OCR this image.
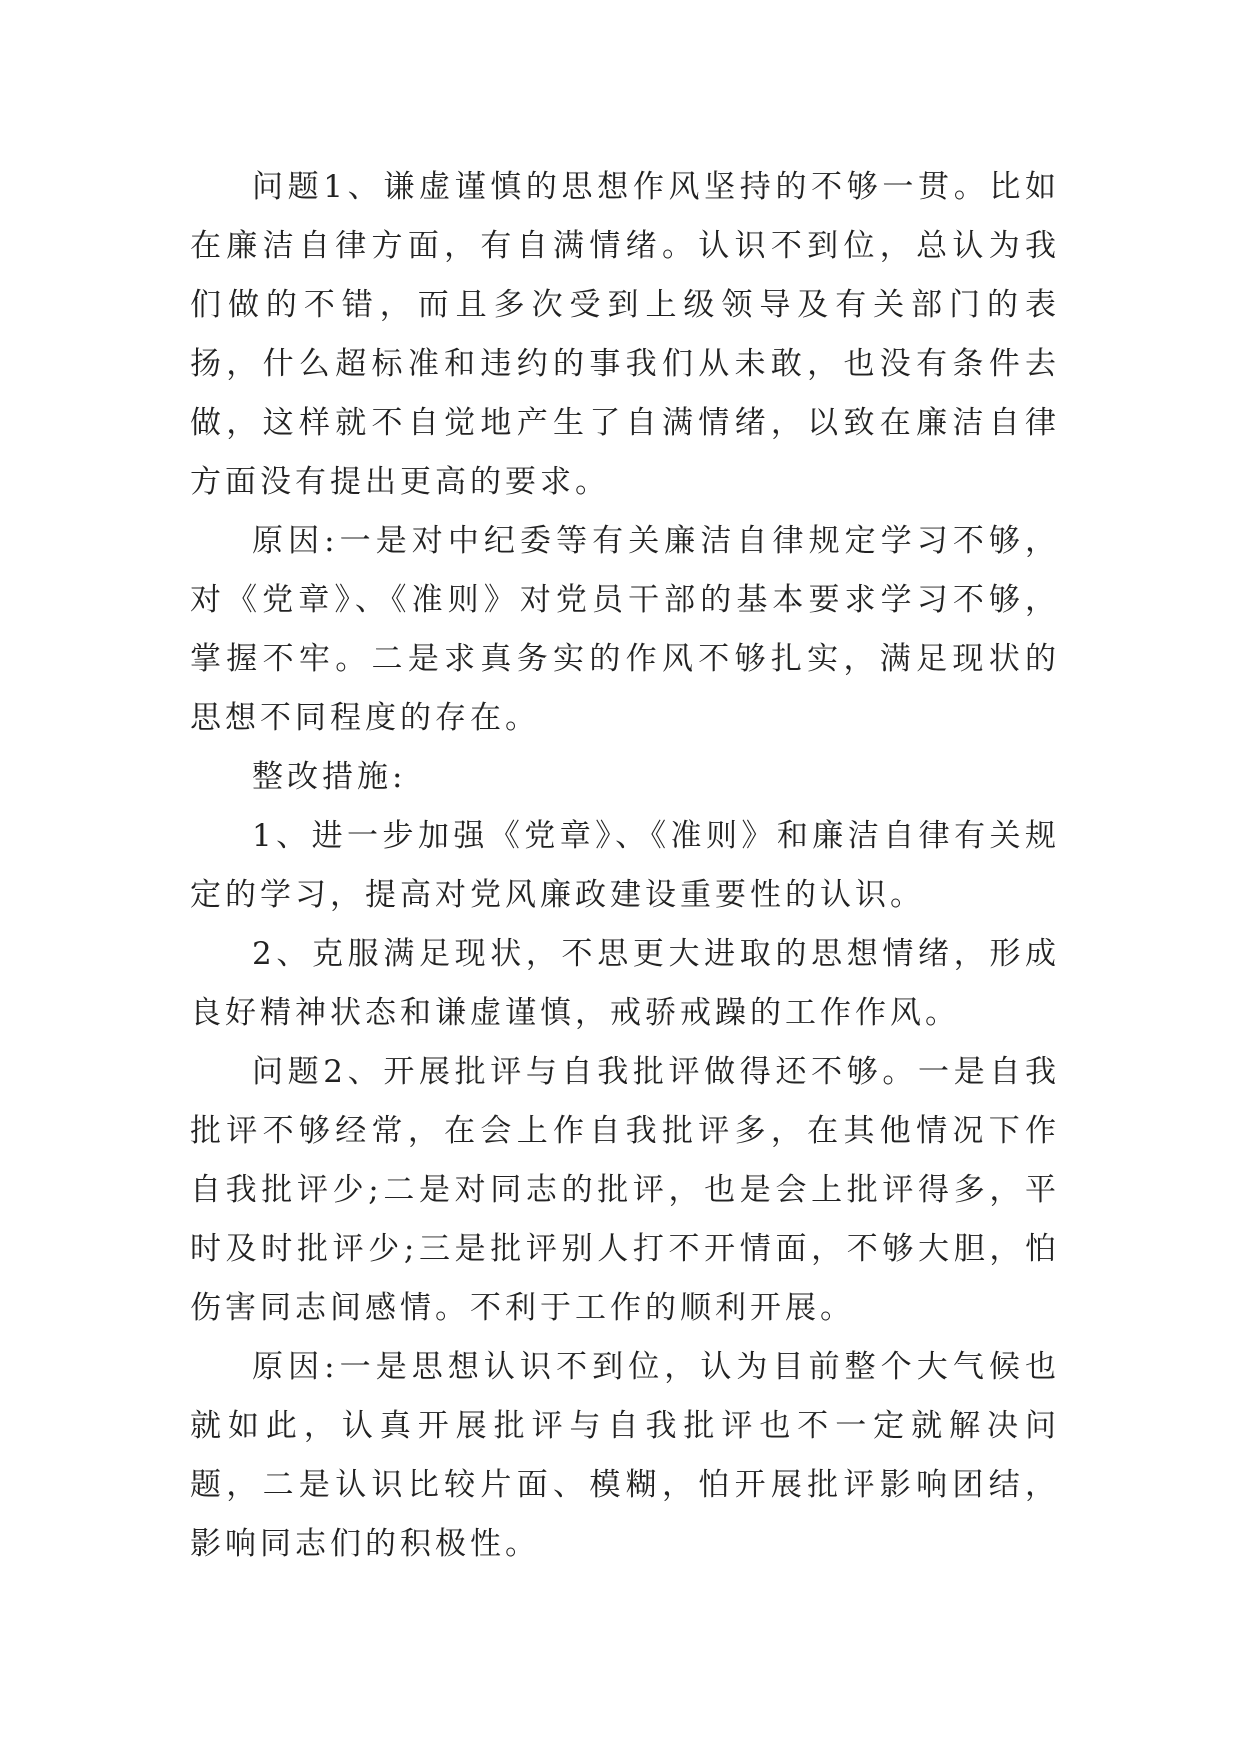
问题1、谦虚谨慎的思想作风坚持的不够一贯。比如在廉洁自律方面，有自满情绪。认识不到位，总认为我们做的不错，而且多次受到上级领导及有关部门的表扬，什么超标准和违约的事我们从未敢，也没有条件去做，这样就不自觉地产生了自满情绪，以致在廉洁自律方面没有提出更高的要求。

原因:一是对中纪委等有关廉洁自律规定学习不够，对《党章》、《准则》对党员干部的基本要求学习不够，掌握不牢。二是求真务实的作风不够扎实，满足现状的思想不同程度的存在。

整改措施:

1、进一步加强《党章》、《准则》和廉洁自律有关规定的学习，提高对党风廉政建设重要性的认识。

2、克服满足现状，不思更大进取的思想情绪，形成良好精神状态和谦虚谨慎，戒骄戒躁的工作作风。

问题2、开展批评与自我批评做得还不够。一是自我批评不够经常，在会上作自我批评多，在其他情况下作自我批评少;二是对同志的批评，也是会上批评得多，平时及时批评少;三是批评别人打不开情面，不够大胆，怕伤害同志间感情。不利于工作的顺利开展。

原因:一是思想认识不到位，认为目前整个大气候也就如此，认真开展批评与自我批评也不一定就解决问题，二是认识比较片面、模糊，怕开展批评影响团结，影响同志们的积极性。
